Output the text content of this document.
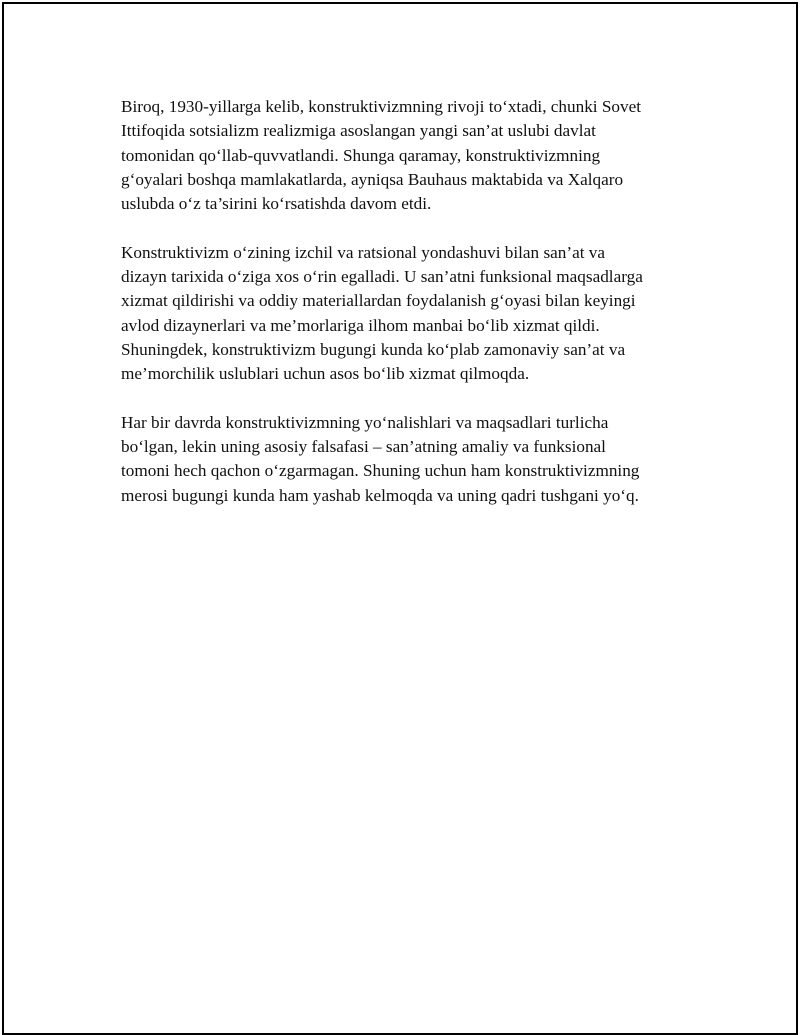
Biroq, 1930-yillarga kelib, konstruktivizmning rivoji to‘xtadi, chunki Sovet
Ittifoqida sotsializm realizmiga asoslangan yangi san’at uslubi davlat
tomonidan qo‘llab-quvvatlandi. Shunga qaramay, konstruktivizmning
g‘oyalari boshqa mamlakatlarda, ayniqsa Bauhaus maktabida va Xalqaro
uslubda o‘z ta’sirini ko‘rsatishda davom etdi.

Konstruktivizm o‘zining izchil va ratsional yondashuvi bilan san’at va
dizayn tarixida o‘ziga xos o‘rin egalladi. U san’atni funksional maqsadlarga
xizmat qildirishi va oddiy materiallardan foydalanish g‘oyasi bilan keyingi
avlod dizaynerlari va me’morlariga ilhom manbai bo‘lib xizmat qildi.
Shuningdek, konstruktivizm bugungi kunda ko‘plab zamonaviy san’at va
me’morchilik uslublari uchun asos bo‘lib xizmat qilmoqda.

Har bir davrda konstruktivizmning yo‘nalishlari va maqsadlari turlicha
bo‘lgan, lekin uning asosiy falsafasi – san’atning amaliy va funksional
tomoni hech qachon o‘zgarmagan. Shuning uchun ham konstruktivizmning
merosi bugungi kunda ham yashab kelmoqda va uning qadri tushgani yo‘q.
